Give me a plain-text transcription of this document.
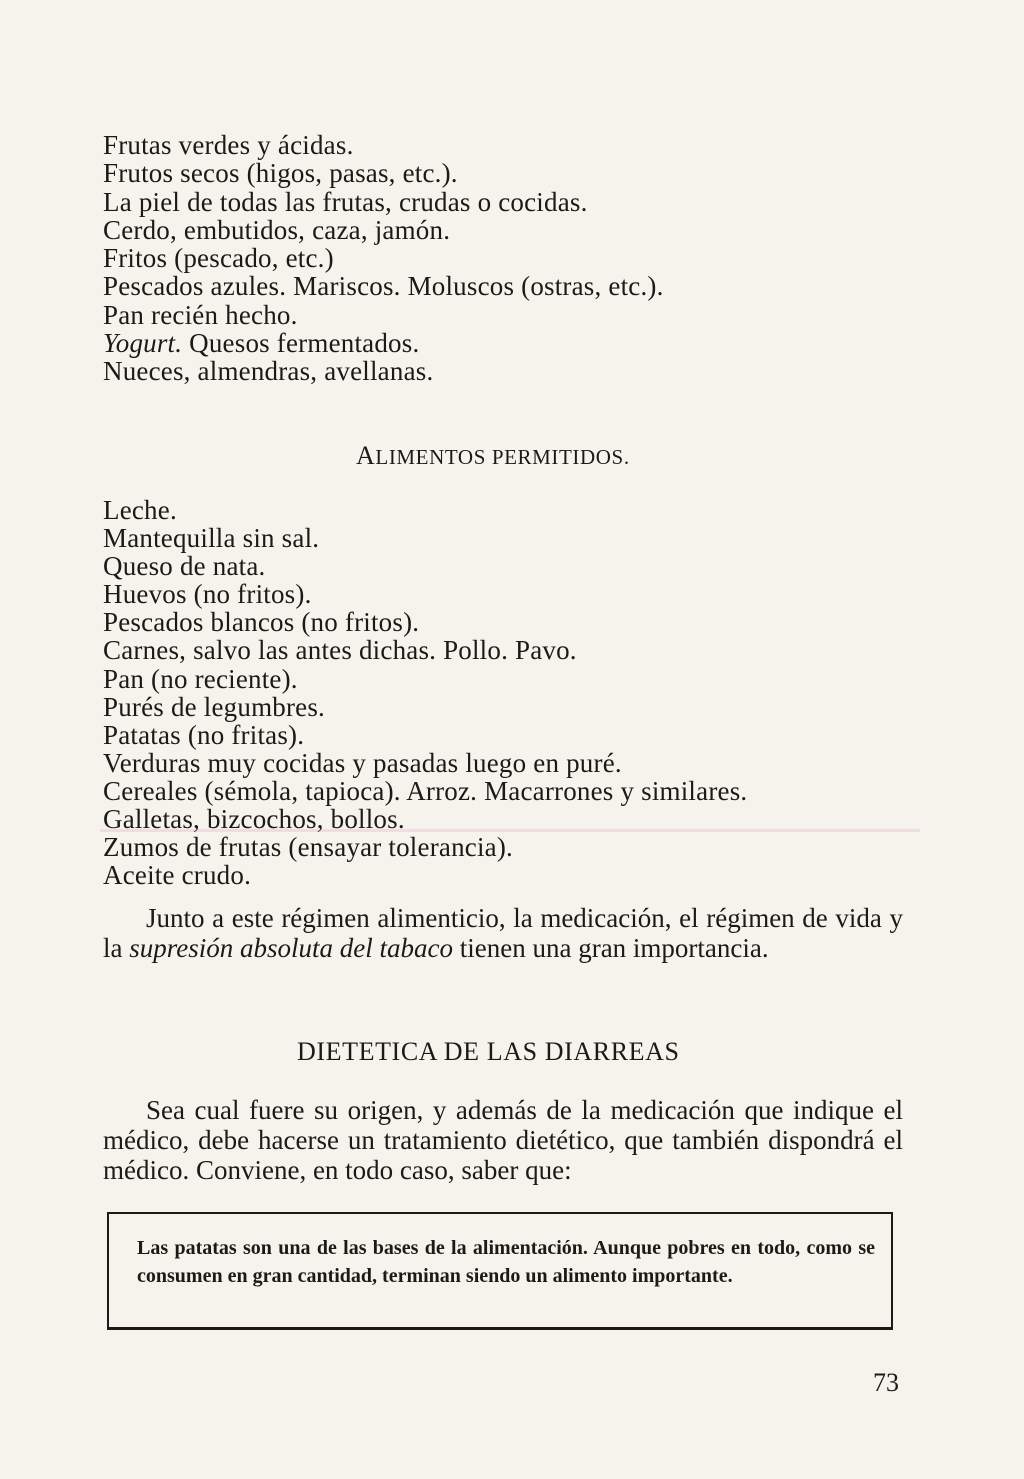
Frutas verdes y ácidas.
Frutos secos (higos, pasas, etc.).
La piel de todas las frutas, crudas o cocidas.
Cerdo, embutidos, caza, jamón.
Fritos (pescado, etc.)
Pescados azules. Mariscos. Moluscos (ostras, etc.).
Pan recién hecho.
Yogurt. Quesos fermentados.
Nueces, almendras, avellanas.
ALIMENTOS PERMITIDOS.
Leche.
Mantequilla sin sal.
Queso de nata.
Huevos (no fritos).
Pescados blancos (no fritos).
Carnes, salvo las antes dichas. Pollo. Pavo.
Pan (no reciente).
Purés de legumbres.
Patatas (no fritas).
Verduras muy cocidas y pasadas luego en puré.
Cereales (sémola, tapioca). Arroz. Macarrones y similares.
Galletas, bizcochos, bollos.
Zumos de frutas (ensayar tolerancia).
Aceite crudo.

Junto a este régimen alimenticio, la medicación, el régimen de vida y la supresión absoluta del tabaco tienen una gran importancia.

DIETETICA DE LAS DIARREAS

Sea cual fuere su origen, y además de la medicación que indique el médico, debe hacerse un tratamiento dietético, que también dispondrá el médico. Conviene, en todo caso, saber que:

Las patatas son una de las bases de la alimentación. Aunque pobres en todo, como se consumen en gran cantidad, terminan siendo un alimento importante.

73
